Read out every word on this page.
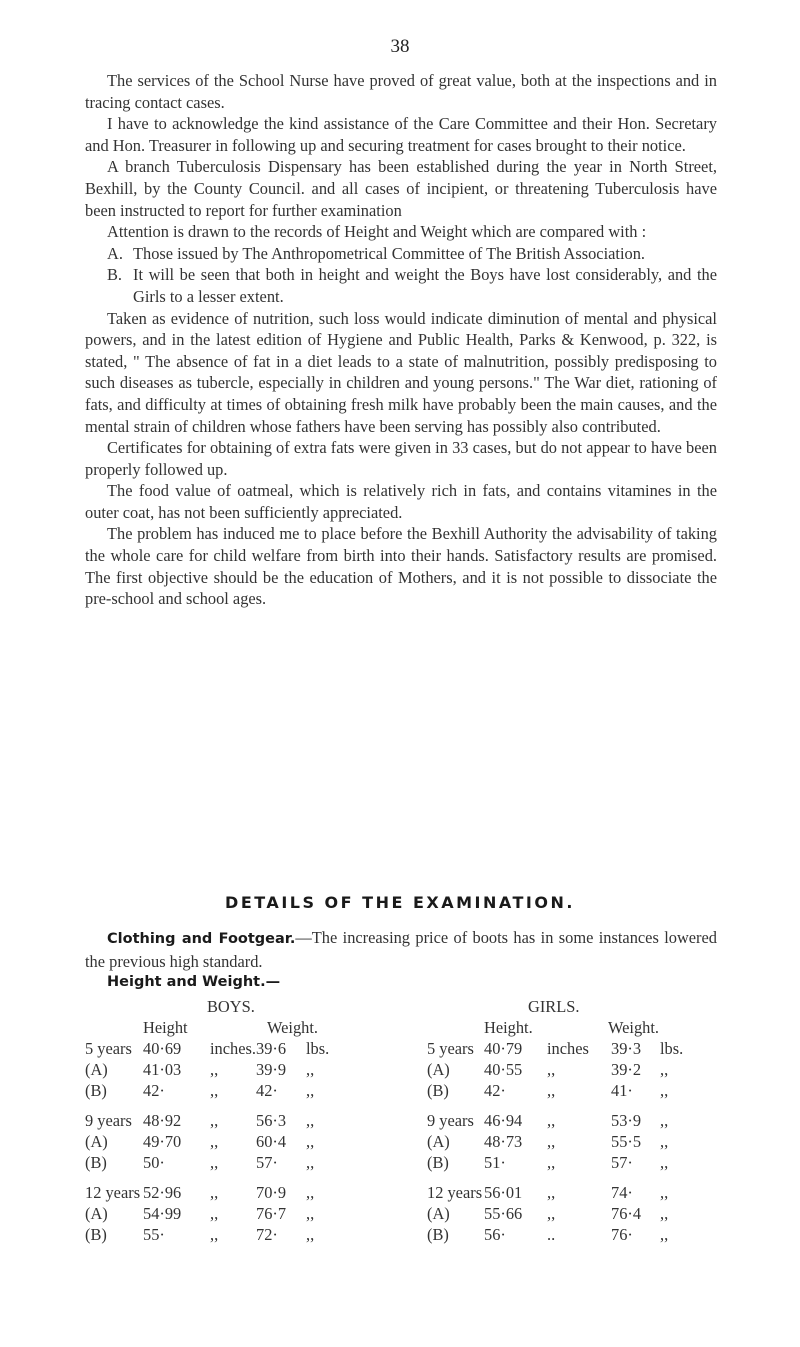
38

The services of the School Nurse have proved of great value, both at the inspections and in tracing contact cases.

I have to acknowledge the kind assistance of the Care Committee and their Hon. Secretary and Hon. Treasurer in following up and securing treatment for cases brought to their notice.

A branch Tuberculosis Dispensary has been established during the year in North Street, Bexhill, by the County Council. and all cases of incipient, or threatening Tuberculosis have been instructed to report for further examination

Attention is drawn to the records of Height and Weight which are compared with :

A. Those issued by The Anthropometrical Committee of The British Association.

B. It will be seen that both in height and weight the Boys have lost considerably, and the Girls to a lesser extent.

Taken as evidence of nutrition, such loss would indicate diminution of mental and physical powers, and in the latest edition of Hygiene and Public Health, Parks & Kenwood, p. 322, is stated, " The absence of fat in a diet leads to a state of malnutrition, possibly predisposing to such diseases as tubercle, especially in children and young persons." The War diet, rationing of fats, and difficulty at times of obtaining fresh milk have probably been the main causes, and the mental strain of children whose fathers have been serving has possibly also contributed.

Certificates for obtaining of extra fats were given in 33 cases, but do not appear to have been properly followed up.

The food value of oatmeal, which is relatively rich in fats, and contains vitamines in the outer coat, has not been sufficiently appreciated.

The problem has induced me to place before the Bexhill Authority the advisability of taking the whole care for child welfare from birth into their hands. Satisfactory results are promised. The first objective should be the education of Mothers, and it is not possible to dissociate the pre-school and school ages.

DETAILS OF THE EXAMINATION.
Clothing and Footgear.—The increasing price of boots has in some instances lowered the previous high standard.
Height and Weight.—
BOYS.	GIRLS.
Height	Weight.	Height.	Weight.
5 years 40·69 inches. 39·6 lbs.
(A) 41·03 ,, 39·9 ,,
(B) 42·	,, 42· ,,
9 years 48·92 ,, 56·3 ,,
(A) 49·70 ,, 60·4 ,,
(B) 50·	,, 57· ,,
12 years 52·96 ,, 70·9 ,,
(A) 54·99 ,, 76·7 ,,
(B) 55·	,, 72· ,,
5 years 40·79 inches 39·3 lbs.
(A) 40·55 ,,	39·2 ,,
(B) 42·	,,	41· ,,
9 years 46·94 ,,	53·9 ,,
(A) 48·73 ,,	55·5 ,,
(B) 51·	,,	57· ,,
12 years 56·01 ,,	74· ,,
(A) 55·66 ,,	76·4 ,,
(B) 56·	..	76· ,,
